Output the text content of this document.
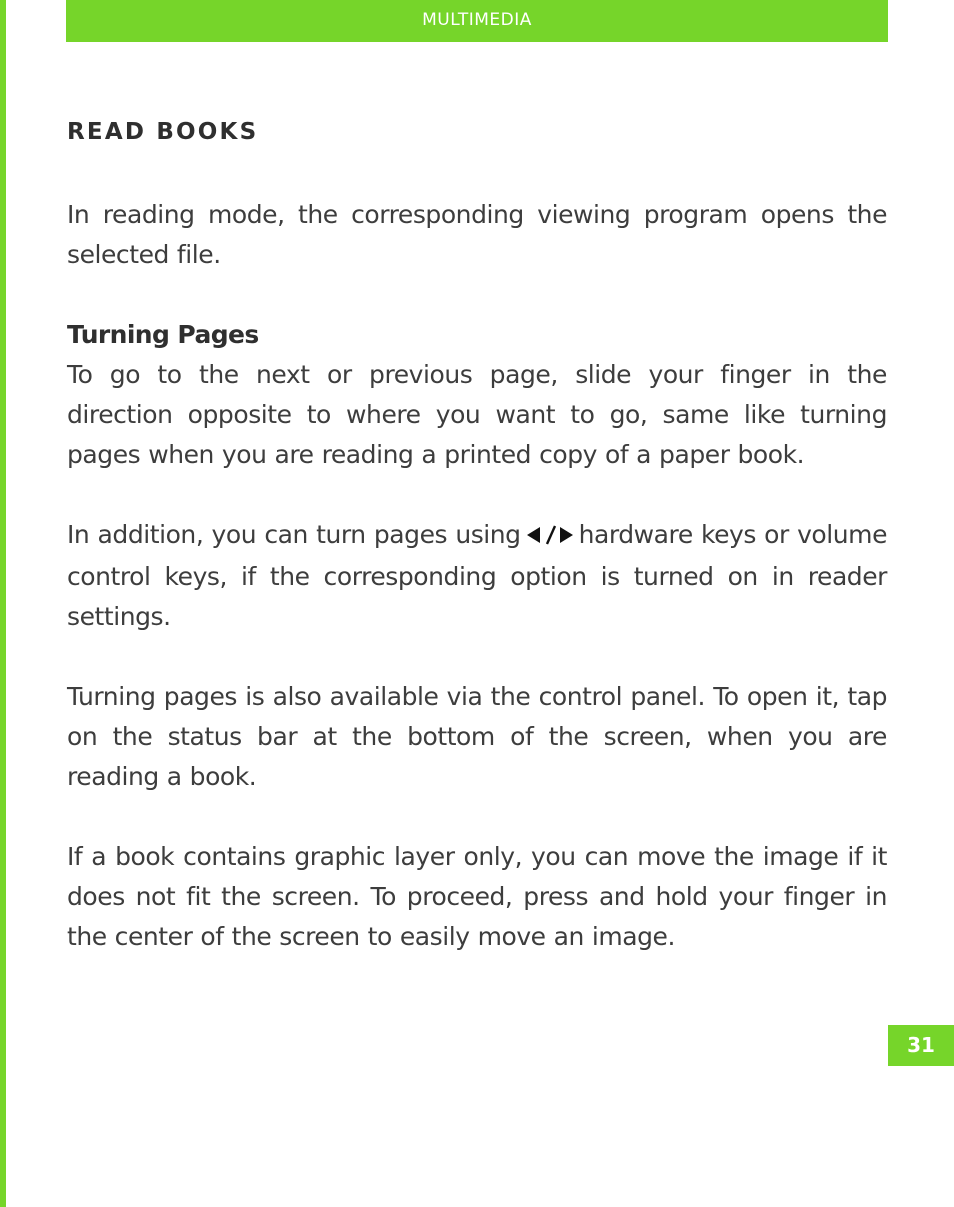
MULTIMEDIA
READ BOOKS

In reading mode, the corresponding viewing program opens the selected file.

Turning Pages

To go to the next or previous page, slide your finger in the direction opposite to where you want to go, same like turning pages when you are reading a printed copy of a paper book.

In addition, you can turn pages using hardware keys or volume control keys, if the corresponding option is turned on in reader settings.

Turning pages is also available via the control panel. To open it, tap on the status bar at the bottom of the screen, when you are reading a book.

If a book contains graphic layer only, you can move the image if it does not fit the screen. To proceed, press and hold your finger in the center of the screen to easily move an image.

31
